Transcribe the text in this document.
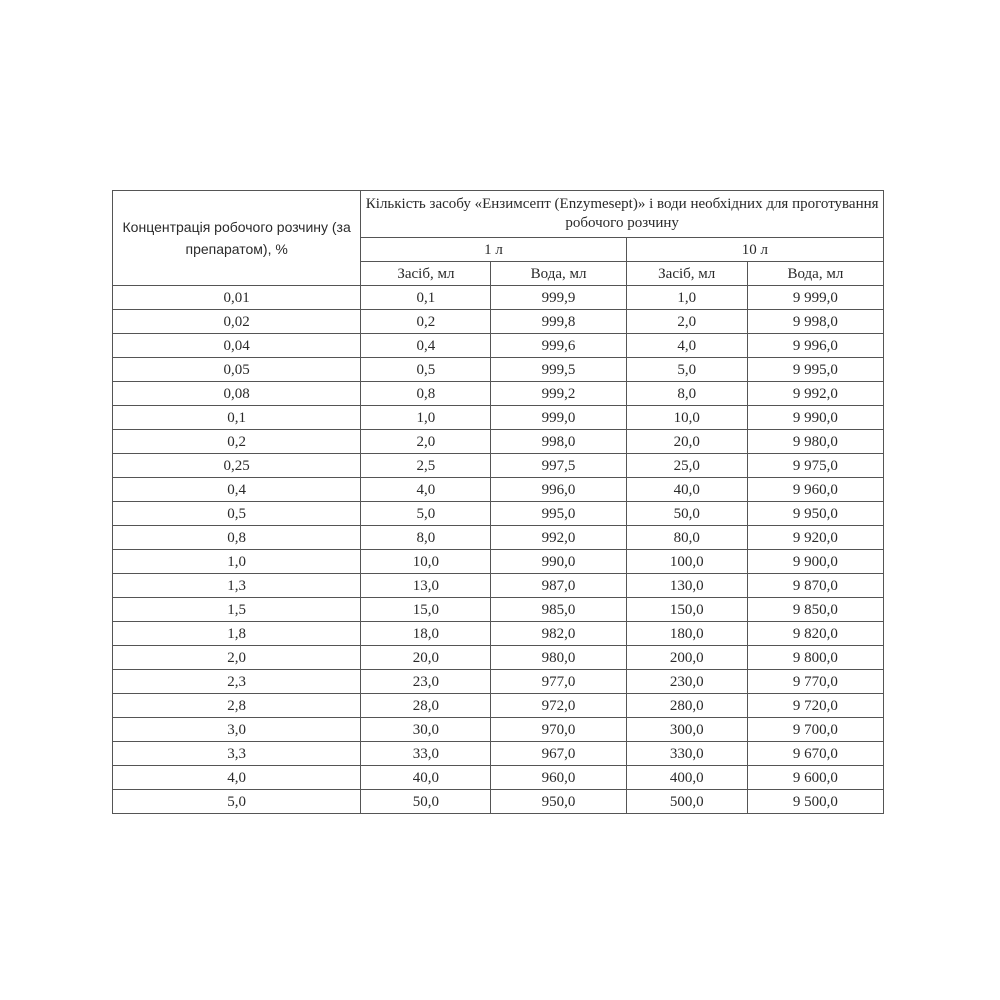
Концентрація робочого розчину (за препаратом), %	Кількість засобу «Ензимсепт (Enzymesept)» і води необхідних для проготування робочого розчину			
	1 л		10 л	
	Засіб, мл	Вода, мл	Засіб, мл	Вода, мл
0,01	0,1	999,9	1,0	9 999,0
0,02	0,2	999,8	2,0	9 998,0
0,04	0,4	999,6	4,0	9 996,0
0,05	0,5	999,5	5,0	9 995,0
0,08	0,8	999,2	8,0	9 992,0
0,1	1,0	999,0	10,0	9 990,0
0,2	2,0	998,0	20,0	9 980,0
0,25	2,5	997,5	25,0	9 975,0
0,4	4,0	996,0	40,0	9 960,0
0,5	5,0	995,0	50,0	9 950,0
0,8	8,0	992,0	80,0	9 920,0
1,0	10,0	990,0	100,0	9 900,0
1,3	13,0	987,0	130,0	9 870,0
1,5	15,0	985,0	150,0	9 850,0
1,8	18,0	982,0	180,0	9 820,0
2,0	20,0	980,0	200,0	9 800,0
2,3	23,0	977,0	230,0	9 770,0
2,8	28,0	972,0	280,0	9 720,0
3,0	30,0	970,0	300,0	9 700,0
3,3	33,0	967,0	330,0	9 670,0
4,0	40,0	960,0	400,0	9 600,0
5,0	50,0	950,0	500,0	9 500,0
